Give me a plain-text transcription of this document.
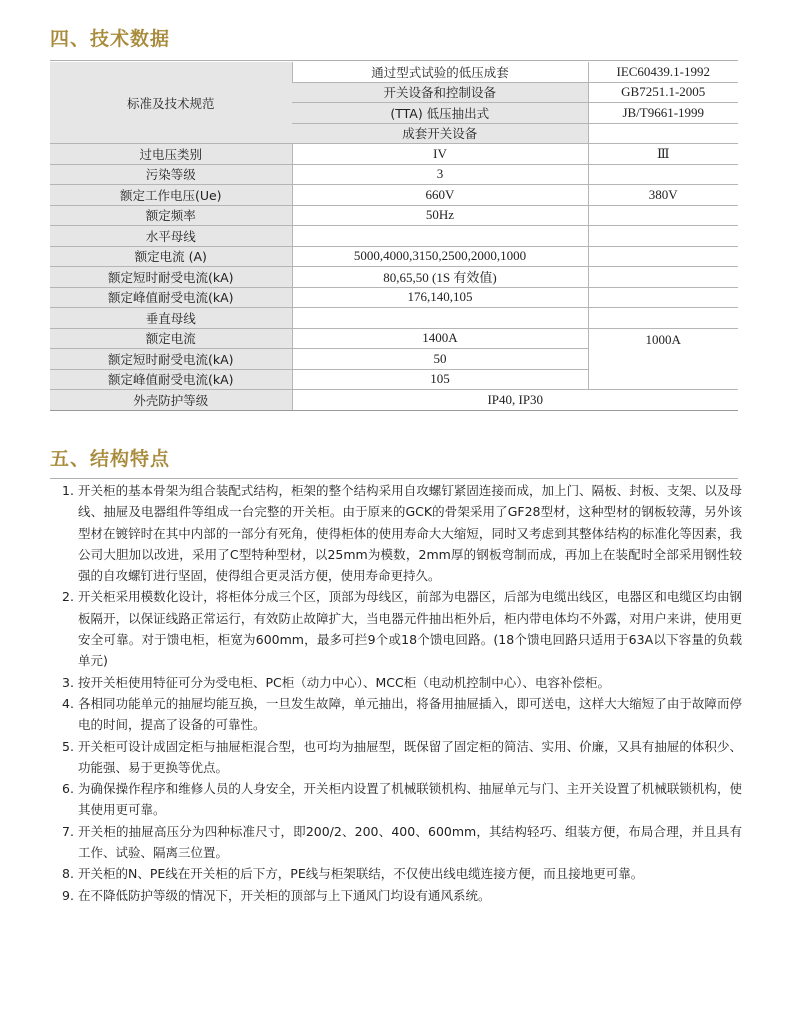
四、技术数据
标准及技术规范	通过型式试验的低压成套	IEC60439.1-1992
	开关设备和控制设备	GB7251.1-2005
	(TTA) 低压抽出式	JB/T9661-1999
	成套开关设备	
过电压类别	IV	Ⅲ
污染等级	3	
额定工作电压(Ue)	660V	380V
额定频率	50Hz	
水平母线		
额定电流 (A)	5000,4000,3150,2500,2000,1000	
额定短时耐受电流(kA)	80,65,50 (1S 有效值)	
额定峰值耐受电流(kA)	176,140,105	
垂直母线		
额定电流	1400A	1000A
额定短时耐受电流(kA)	50	
额定峰值耐受电流(kA)	105	
外壳防护等级	IP40, IP30	
五、结构特点
1. 开关柜的基本骨架为组合装配式结构，柜架的整个结构采用自攻螺钉紧固连接而成，加上门、隔板、封板、支架、以及母线、抽屉及电器组件等组成一台完整的开关柜。由于原来的GCK的骨架采用了GF28型材，这种型材的钢板较薄，另外该型材在镀锌时在其中内部的一部分有死角，使得柜体的使用寿命大大缩短，同时又考虑到其整体结构的标准化等因素，我公司大胆加以改进，采用了C型特种型材，以25mm为模数，2mm厚的钢板弯制而成，再加上在装配时全部采用钢性较强的自攻螺钉进行坚固，使得组合更灵活方便，使用寿命更持久。
2. 开关柜采用模数化设计，将柜体分成三个区，顶部为母线区，前部为电器区，后部为电缆出线区，电器区和电缆区均由钢板隔开，以保证线路正常运行，有效防止故障扩大，当电器元件抽出柜外后，柜内带电体均不外露，对用户来讲，使用更安全可靠。对于馈电柜，柜宽为600mm，最多可拦9个或18个馈电回路。(18个馈电回路只适用于63A以下容量的负载单元)
3. 按开关柜使用特征可分为受电柜、PC柜（动力中心）、MCC柜（电动机控制中心）、电容补偿柜。
4. 各相同功能单元的抽屉均能互换，一旦发生故障，单元抽出，将备用抽屉插入，即可送电，这样大大缩短了由于故障而停电的时间，提高了设备的可靠性。
5. 开关柜可设计成固定柜与抽屉柜混合型，也可均为抽屉型，既保留了固定柜的简洁、实用、价廉，又具有抽屉的体积少、功能强、易于更换等优点。
6. 为确保操作程序和维修人员的人身安全，开关柜内设置了机械联锁机构、抽屉单元与门、主开关设置了机械联锁机构，使其使用更可靠。
7. 开关柜的抽屉高压分为四种标准尺寸，即200/2、200、400、600mm，其结构轻巧、组装方便，布局合理，并且具有工作、试验、隔离三位置。
8. 开关柜的N、PE线在开关柜的后下方，PE线与柜架联结，不仅使出线电缆连接方便，而且接地更可靠。
9. 在不降低防护等级的情况下，开关柜的顶部与上下通风门均设有通风系统。
